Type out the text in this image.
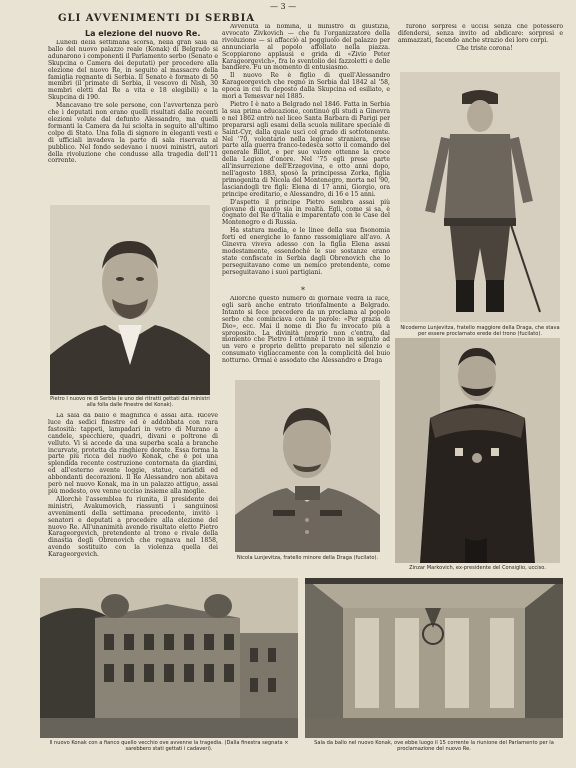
— 3 —
GLI AVVENIMENTI DI SERBIA
La elezione del nuovo Re.

Lunedì della settimana scorsa, nella gran sala da ballo del nuovo palazzo reale (Konak) di Belgrado si adunarono i componenti il Parlamento serbo (Senato e Skupcina o Camera dei deputati) per procedere alla elezione del nuovo Re, in seguito al massacro della famiglia regnante di Serbia. Il Senato è formato di 50 membri (il primate di Serbia, il vescovo di Nish, 30 membri eletti dal Re a vita e 18 elegibili) e la Skupcina di 190.

Mancavano tre sole persone, con l'avvertenza però che i deputati non erano quelli risultati dalle recenti elezioni volute dal defunto Alessandro, ma quelli formanti la Camera da lui sciolta in seguito all'ultimo colpo di Stato. Una folla di signore in eleganti vesti e di ufficiali invadeva la parte di sala riservata al pubblico. Nel fondo sedevano i nuovi ministri, autori della rivoluzione che condusse alla tragedia dell'11 corrente.

Pietro I nuovo re di Serbia (e uno dei ritratti gettati dai ministri alla folla dalle finestre del Konak).

La sala da ballo è magnifica e assai alta. Riceve luce da sedici finestre ed è addobbata con rara fastosità: tappeti, lampadari in vetro di Murano a candele, specchiere, quadri, divani e poltrone di velluto. Vi si accede da una superba scala a branche incurvate, protetta da ringhiere dorate. Essa forma la parte più ricca del nuovo Konak, che è poi una splendida recente costruzione contornata da giardini, ed all'esterno avente loggie, statue, cariatidi ed abbondanti decorazioni. Il Re Alessandro non abitava però nel nuovo Konak, ma in un palazzo attiguo, assai più modesto, ove venne ucciso insieme alla moglie.

Allorchè l'assemblea fu riunita, il presidente dei ministri, Avakumovich, riassunti i sanguinosi avvenimenti della settimana precedente, invitò i senatori e deputati a procedere alla elezione del nuovo Re. All'unanimità avendo risultato eletto Pietro Karageorgevich, pretendente al trono e rivale della dinastia degli Obrenovich che regnava nel 1858, avendo sostituito con la violenza quella dei Karageorgevich.

Avvenuta la nomina, il ministro di giustizia, avvocato Zivkovich — che fu l'organizzatore della rivoluzione — si affacciò al poggiuolo del palazzo per annunciarla al popolo affollato nella piazza. Scoppiarono applausi e grida di «Zivio Peter Karageorgevich», fra lo sventolio dei fazzoletti e delle bandiere. Fu un momento di entusiasmo.

Il nuovo Re è figlio di quell'Alessandro Karageorgevich che regnò in Serbia dal 1842 al '58, epoca in cui fu deposto dalla Skupcina ed esiliato, e morì a Temesvar nel 1885.

Pietro I è nato a Belgrado nel 1846. Fatta in Serbia la sua prima educazione, continuò gli studi a Ginevra e nel 1862 entrò nel liceo Santa Barbara di Parigi per prepararsi agli esami della scuola militare speciale di Saint-Cyr, dalla quale uscì col grado di sottotenente. Nel '70, volontario nella legione straniera, prese parte alla guerra franco-tedesca sotto il comando del generale Billot, e per suo valore ottenne la croce della Legion d'onore. Nel '75 egli prese parte all'insurrezione dell'Erzegovina, e otto anni dopo, nell'agosto 1883, sposò la principessa Zorka, figlia primogenita di Nicola del Montenegro, morta nel '90, lasciandogli tre figli: Elena di 17 anni, Giorgio, ora principe ereditario, e Alessandro, di 16 e 15 anni.

D'aspetto il principe Pietro sembra assai più giovane di quanto sia in realtà. Egli, come si sa, è cognato del Re d'Italia e imparentato con le Case del Montenegro e di Russia.

Ha statura media, e le linee della sua fisonomia forti ed energiche lo fanno rassomigliare all'avo. A Ginevra viveva adesso con la figlia Elena assai modestamente, essendoché le sue sostanze erano state confiscate in Serbia dagli Obrenovich che lo perseguitavano come un nemico pretendente, come perseguitavano i suoi partigiani.

*

Allorchè questo numero di giornale vedrà la luce, egli sarà anche entrato trionfalmente a Belgrado. Intanto si fece precedere da un proclama al popolo serbo che cominciava con le parole: «Per grazia di Dio», ecc. Mai il nome di Dio fu invocato più a sproposito. La divinità proprio non c'entra, dal momento che Pietro I ottenne il trono in seguito ad un vero e proprio delitto preparato nel silenzio e consumato vigliaccamente con la complicità del buio notturno. Ormai è assodato che Alessandro e Draga

Nicola Lunjevitza, fratello minore della Draga (fucilato).

furono sorpresi e uccisi senza che potessero difendersi, senza invito ad abdicare: sorpresi e ammazzati, facendo anche strazio dei loro corpi.

Che triste corona!

Nicodemo Lunjevitza, fratello maggiore della Draga, che stava per essere proclamato erede del trono (fucilato).
Zinzar Markovich, ex-presidente del Consiglio, ucciso.
Il nuovo Konak con a fianco quello vecchio ove avvenne la tragedia. (Dalla finestra segnata × sarebbero stati gettati i cadaveri).
Sala da ballo nel nuovo Konak, ove ebbe luogo il 15 corrente la riunione del Parlamento per la proclamazione del nuovo Re.
